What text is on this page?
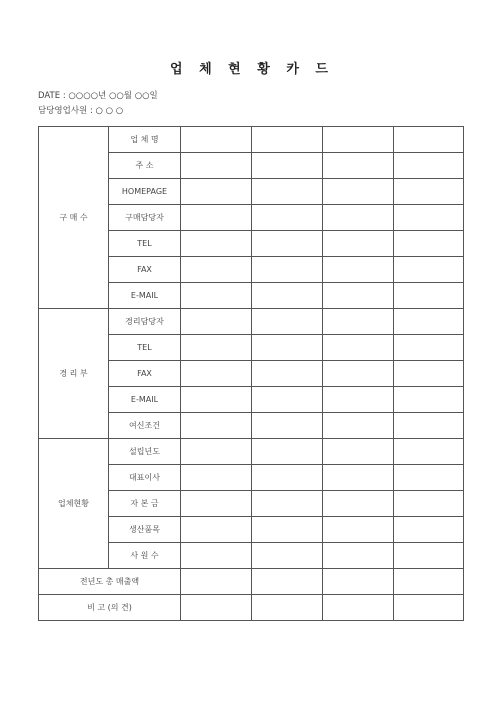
업 체 현 황 카 드
DATE : ○○○○년 ○○월 ○○일
담당영업사원 : ○ ○ ○
구 매 수	업 체 명				
	주 소				
	HOMEPAGE				
	구매담당자				
	TEL				
	FAX				
	E-MAIL				
경 리 부	경리담당자				
	TEL				
	FAX				
	E-MAIL				
	여신조건				
업체현황	설립년도				
	대표이사				
	자 본 금				
	생산품목				
	사 원 수				
전년도 총 매출액					
비 고 (의 견)					
